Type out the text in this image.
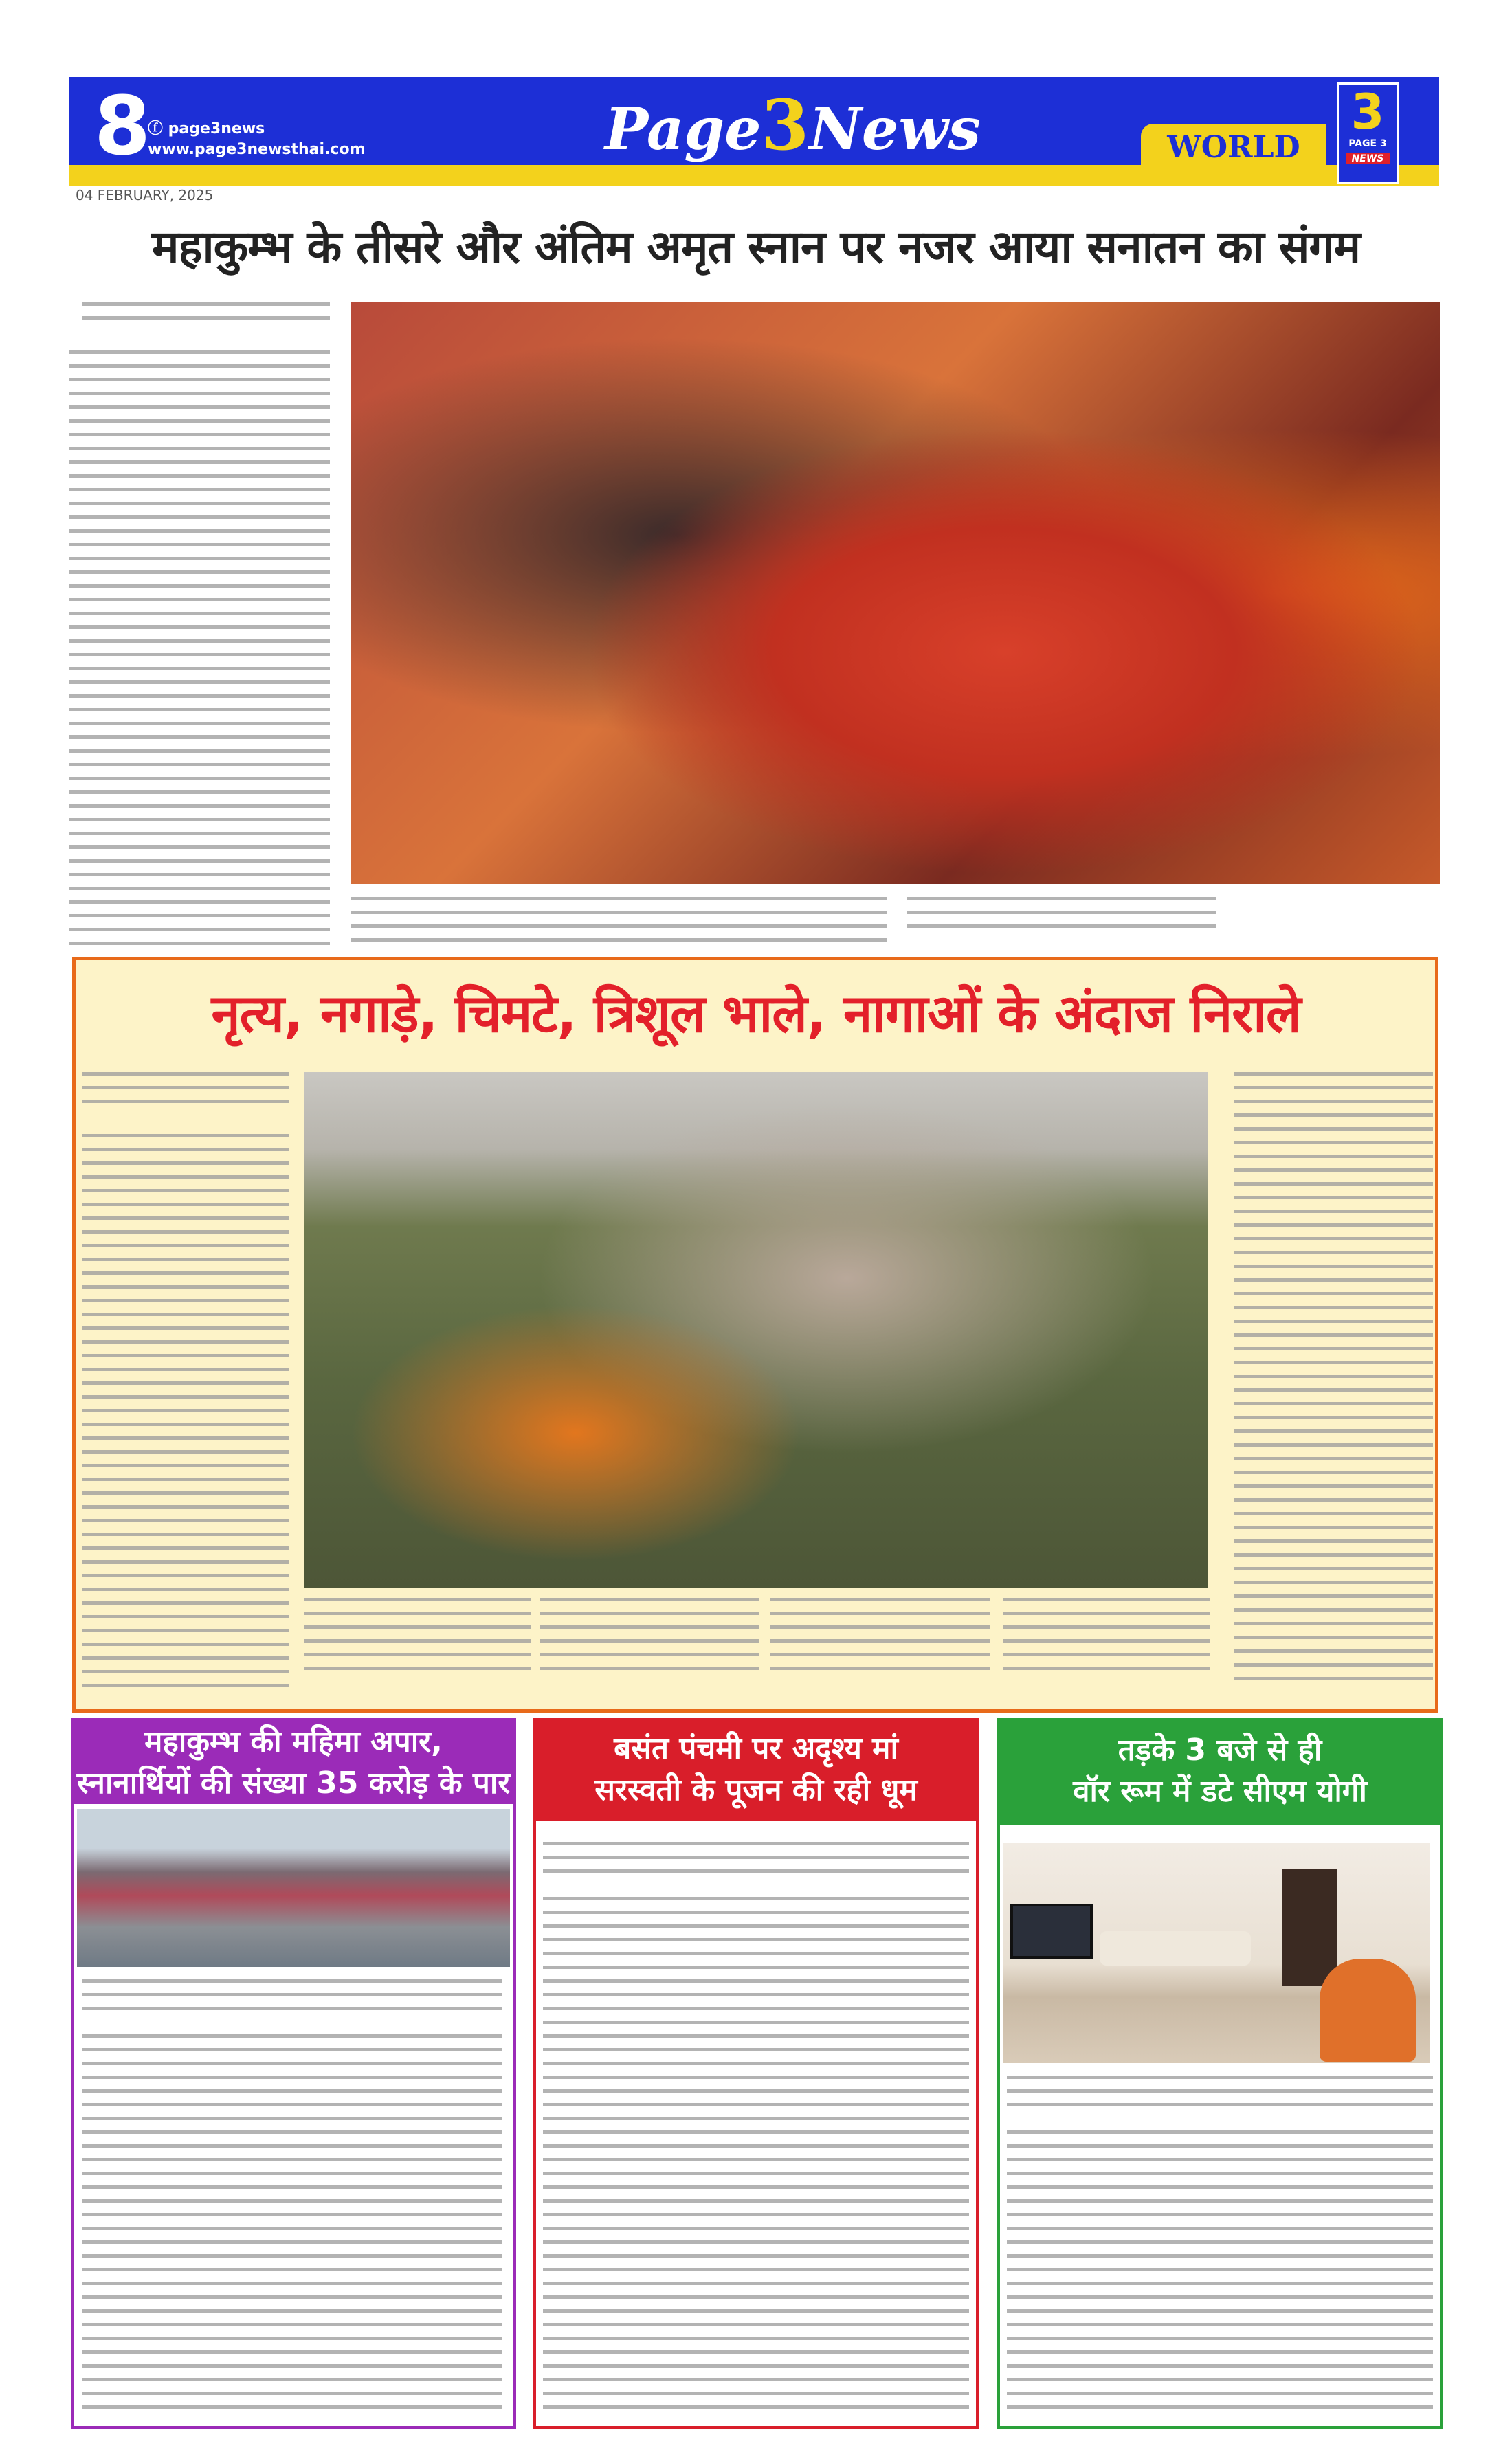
8
ⓕ page3news
www.page3newsthai.com	Page3News	WORLD
3
PAGE 3
NEWS
04 FEBRUARY, 2025
महाकुम्भ के तीसरे और अंतिम अमृत स्नान पर नजर आया सनातन का संगम
नृत्य, नगाड़े, चिमटे, त्रिशूल भाले, नागाओं के अंदाज निराले
महाकुम्भ की महिमा अपार,
स्नानार्थियों की संख्या 35 करोड़ के पार
बसंत पंचमी पर अदृश्य मां
सरस्वती के पूजन की रही धूम
तड़के 3 बजे से ही
वॉर रूम में डटे सीएम योगी
